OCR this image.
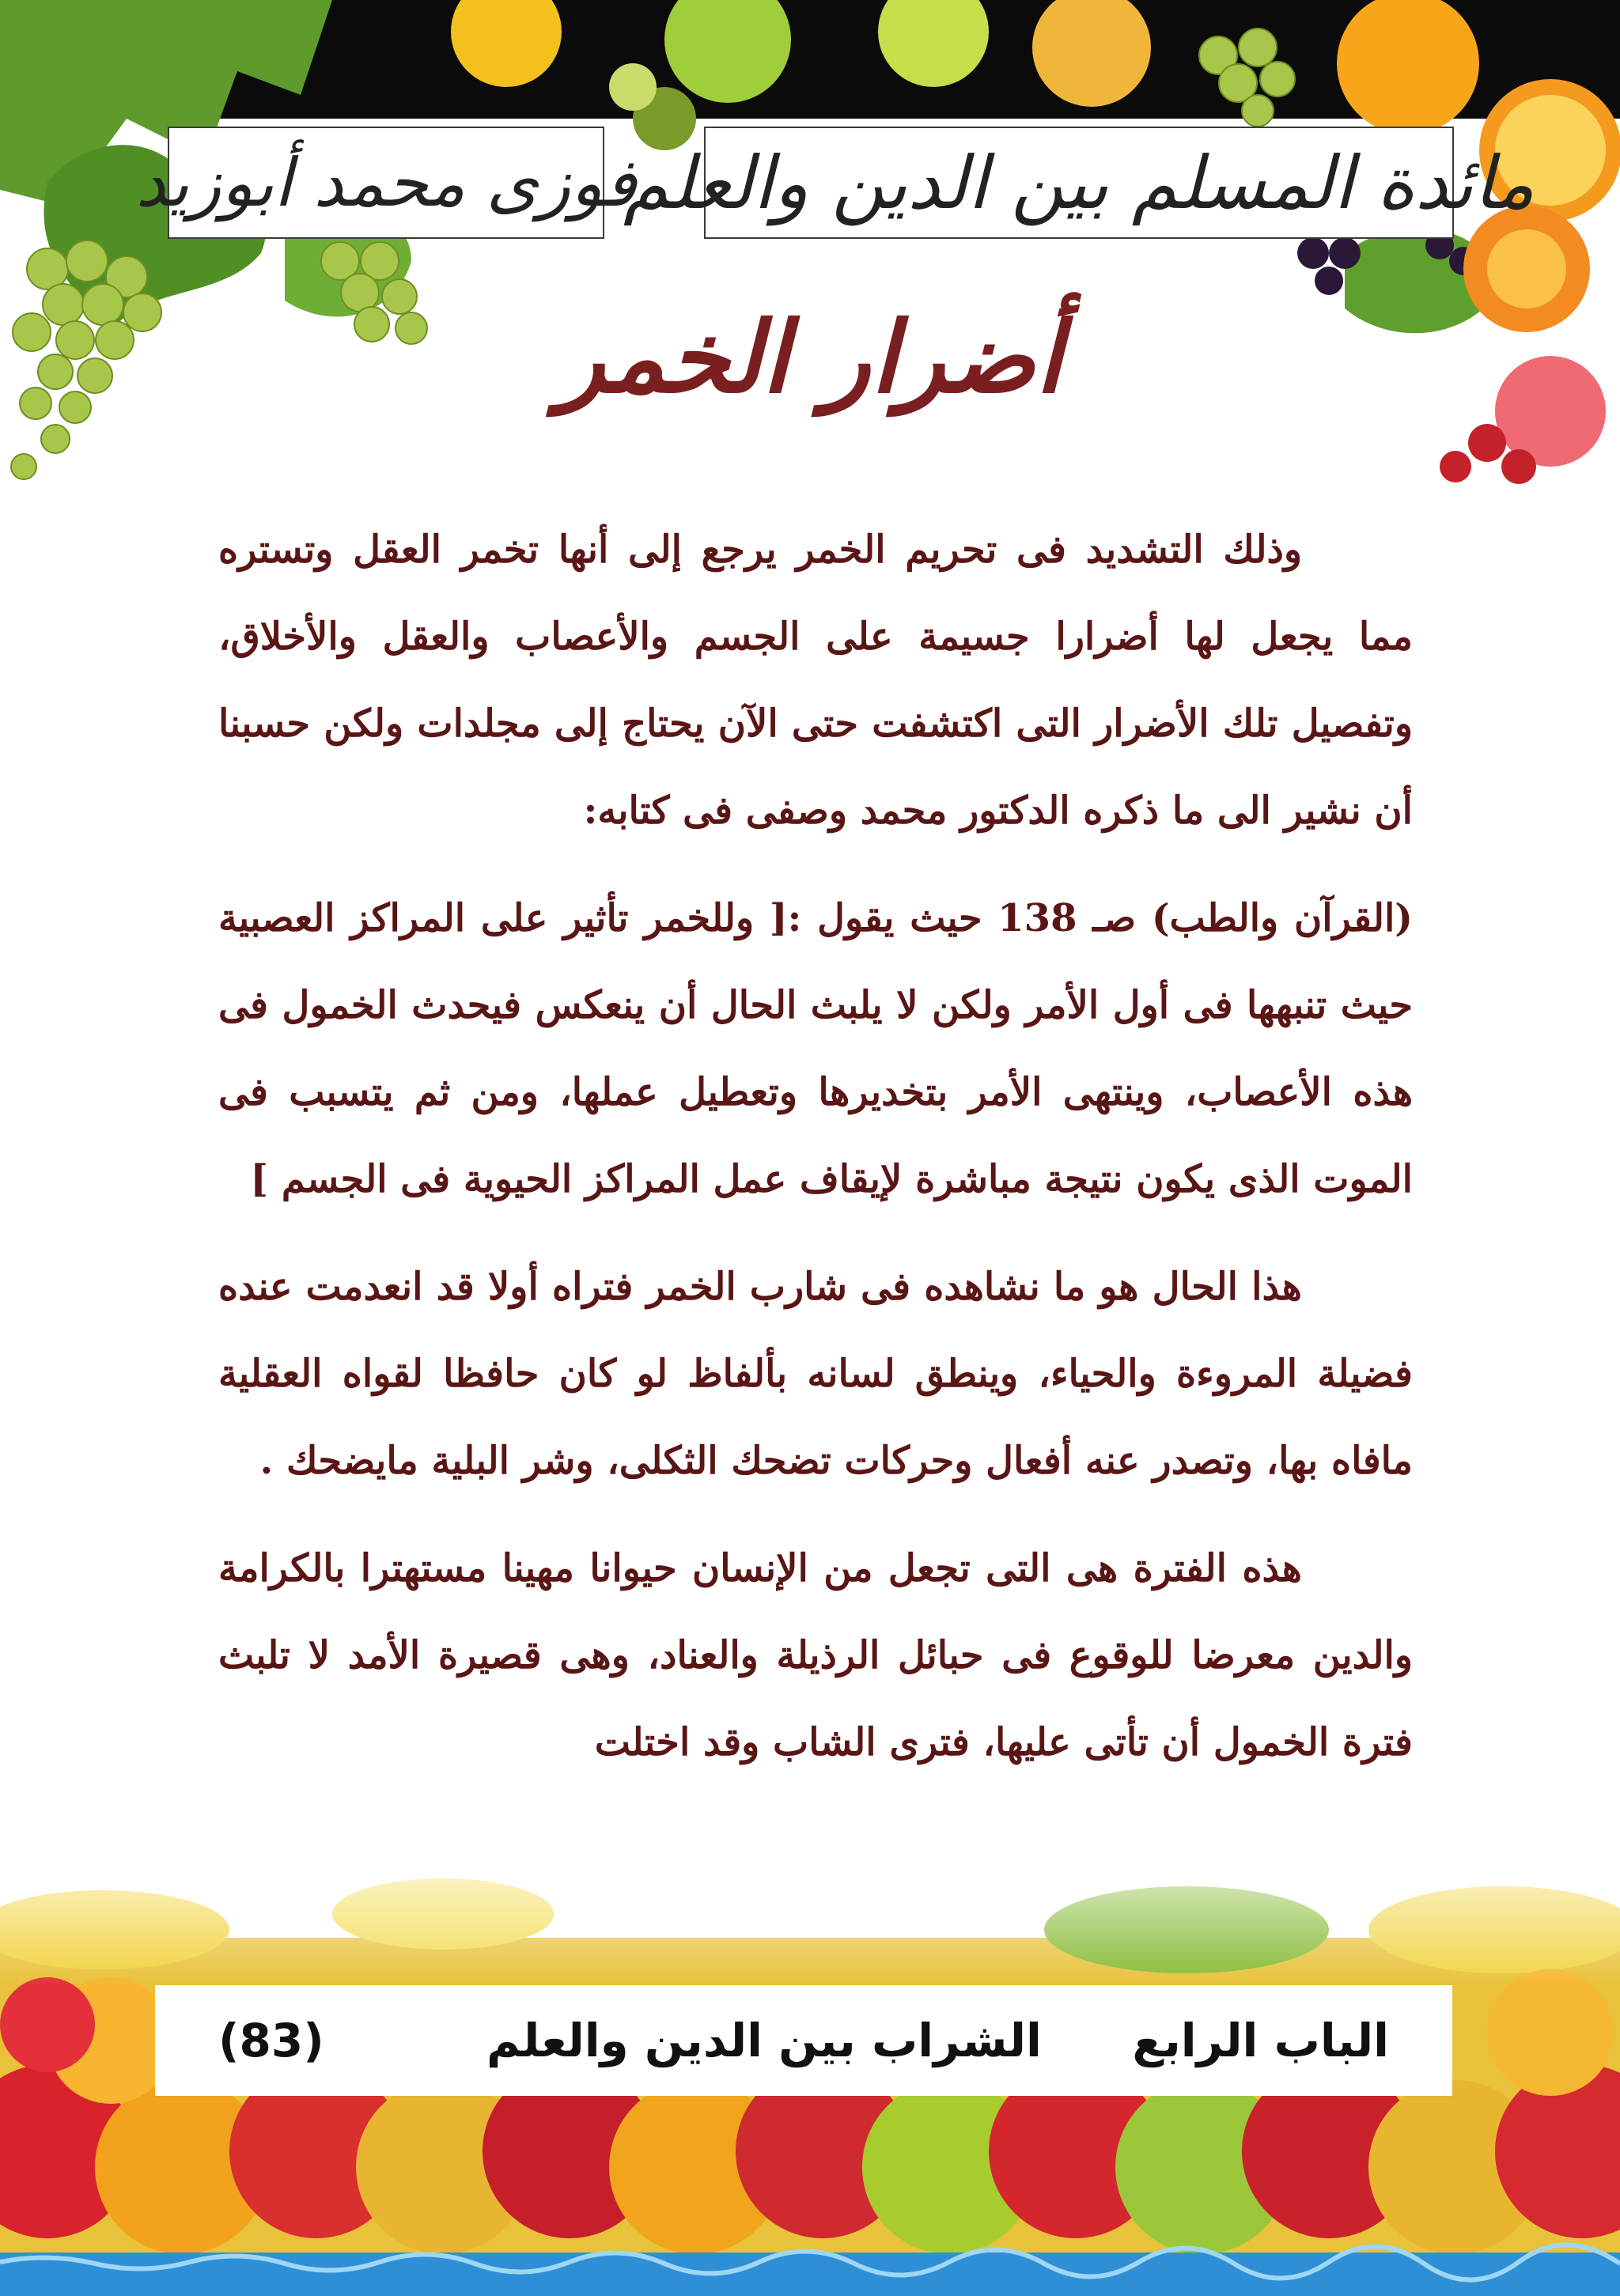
مائدة المسلم بين الدين والعلم
فوزى محمد أبوزيد
أضرار الخمر

وذلك التشديد فى تحريم الخمر يرجع إلى أنها تخمر العقل وتستره مما يجعل لها أضرارا جسيمة على الجسم والأعصاب والعقل والأخلاق، وتفصيل تلك الأضرار التى اكتشفت حتى الآن يحتاج إلى مجلدات ولكن حسبنا أن نشير الى ما ذكره الدكتور محمد وصفى فى كتابه:

(القرآن والطب) صـ 138 حيث يقول :[ وللخمر تأثير على المراكز العصبية حيث تنبهها فى أول الأمر ولكن لا يلبث الحال أن ينعكس فيحدث الخمول فى هذه الأعصاب، وينتهى الأمر بتخديرها وتعطيل عملها، ومن ثم يتسبب فى الموت الذى يكون نتيجة مباشرة لإيقاف عمل المراكز الحيوية فى الجسم ]

هذا الحال هو ما نشاهده فى شارب الخمر فتراه أولا قد انعدمت عنده فضيلة المروءة والحياء، وينطق لسانه بألفاظ لو كان حافظا لقواه العقلية مافاه بها، وتصدر عنه أفعال وحركات تضحك الثكلى، وشر البلية مايضحك .

هذه الفترة هى التى تجعل من الإنسان حيوانا مهينا مستهترا بالكرامة والدين معرضا للوقوع فى حبائل الرذيلة والعناد، وهى قصيرة الأمد لا تلبث فترة الخمول أن تأتى عليها، فترى الشاب وقد اختلت

الباب الرابع
الشراب بين الدين والعلم
(83)
